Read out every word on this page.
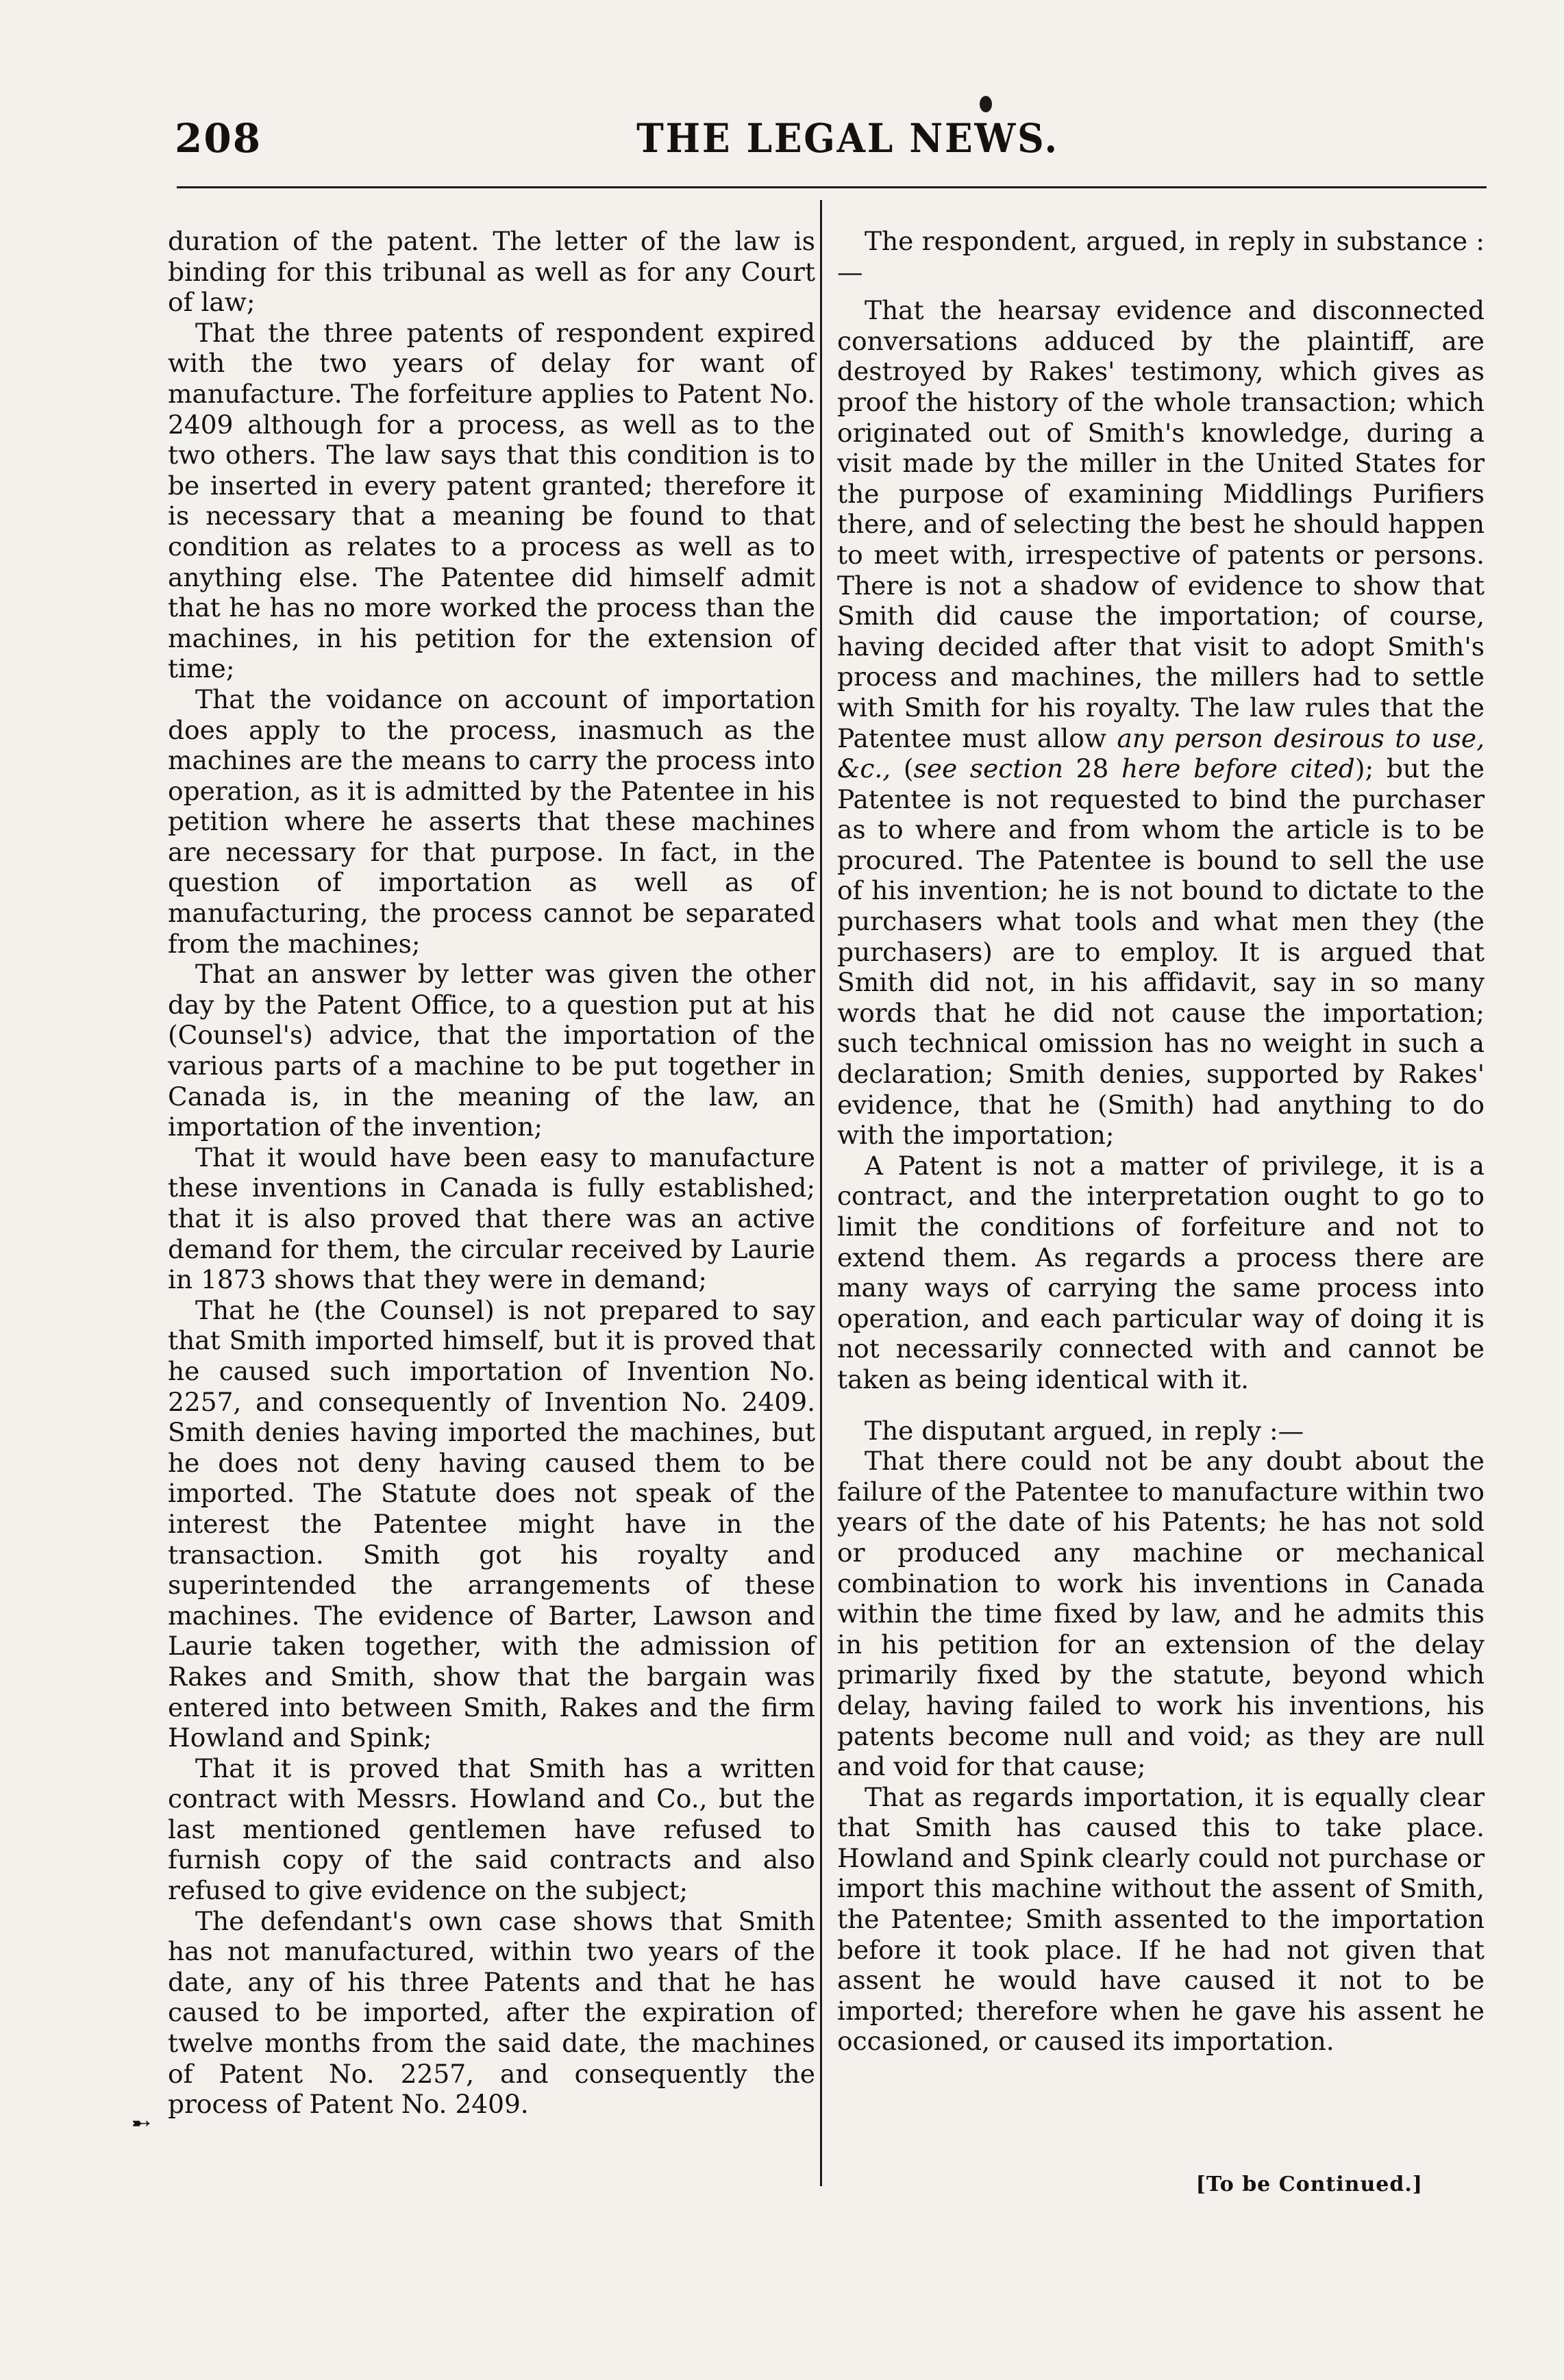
208	THE LEGAL NEWS.

duration of the patent. The letter of the law is binding for this tribunal as well as for any Court of law;

That the three patents of respondent expired with the two years of delay for want of manufacture. The forfeiture applies to Patent No. 2409 although for a process, as well as to the two others. The law says that this condition is to be inserted in every patent granted; therefore it is necessary that a meaning be found to that condition as relates to a process as well as to anything else. The Patentee did himself admit that he has no more worked the process than the machines, in his petition for the extension of time;

That the voidance on account of importation does apply to the process, inasmuch as the machines are the means to carry the process into operation, as it is admitted by the Patentee in his petition where he asserts that these machines are necessary for that purpose. In fact, in the question of importation as well as of manufacturing, the process cannot be separated from the machines;

That an answer by letter was given the other day by the Patent Office, to a question put at his (Counsel's) advice, that the importation of the various parts of a machine to be put together in Canada is, in the meaning of the law, an importation of the invention;

That it would have been easy to manufacture these inventions in Canada is fully established; that it is also proved that there was an active demand for them, the circular received by Laurie in 1873 shows that they were in demand;

That he (the Counsel) is not prepared to say that Smith imported himself, but it is proved that he caused such importation of Invention No. 2257, and consequently of Invention No. 2409. Smith denies having imported the machines, but he does not deny having caused them to be imported. The Statute does not speak of the interest the Patentee might have in the transaction. Smith got his royalty and superintended the arrangements of these machines. The evidence of Barter, Lawson and Laurie taken together, with the admission of Rakes and Smith, show that the bargain was entered into between Smith, Rakes and the firm Howland and Spink;

That it is proved that Smith has a written contract with Messrs. Howland and Co., but the last mentioned gentlemen have refused to furnish copy of the said contracts and also refused to give evidence on the subject;

The defendant's own case shows that Smith has not manufactured, within two years of the date, any of his three Patents and that he has caused to be imported, after the expiration of twelve months from the said date, the machines of Patent No. 2257, and consequently the process of Patent No. 2409.

➸

The respondent, argued, in reply in substance :—

That the hearsay evidence and disconnected conversations adduced by the plaintiff, are destroyed by Rakes' testimony, which gives as proof the history of the whole transaction; which originated out of Smith's knowledge, during a visit made by the miller in the United States for the purpose of examining Middlings Purifiers there, and of selecting the best he should happen to meet with, irrespective of patents or persons. There is not a shadow of evidence to show that Smith did cause the importation; of course, having decided after that visit to adopt Smith's process and machines, the millers had to settle with Smith for his royalty. The law rules that the Patentee must allow any person desirous to use, &c., (see section 28 here before cited); but the Patentee is not requested to bind the purchaser as to where and from whom the article is to be procured. The Patentee is bound to sell the use of his invention; he is not bound to dictate to the purchasers what tools and what men they (the purchasers) are to employ. It is argued that Smith did not, in his affidavit, say in so many words that he did not cause the importation; such technical omission has no weight in such a declaration; Smith denies, supported by Rakes' evidence, that he (Smith) had anything to do with the importation;

A Patent is not a matter of privilege, it is a contract, and the interpretation ought to go to limit the conditions of forfeiture and not to extend them. As regards a process there are many ways of carrying the same process into operation, and each particular way of doing it is not necessarily connected with and cannot be taken as being identical with it.

The disputant argued, in reply :—

That there could not be any doubt about the failure of the Patentee to manufacture within two years of the date of his Patents; he has not sold or produced any machine or mechanical combination to work his inventions in Canada within the time fixed by law, and he admits this in his petition for an extension of the delay primarily fixed by the statute, beyond which delay, having failed to work his inventions, his patents become null and void; as they are null and void for that cause;

That as regards importation, it is equally clear that Smith has caused this to take place. Howland and Spink clearly could not purchase or import this machine without the assent of Smith, the Patentee; Smith assented to the importation before it took place. If he had not given that assent he would have caused it not to be imported; therefore when he gave his assent he occasioned, or caused its importation.

[To be Continued.]
